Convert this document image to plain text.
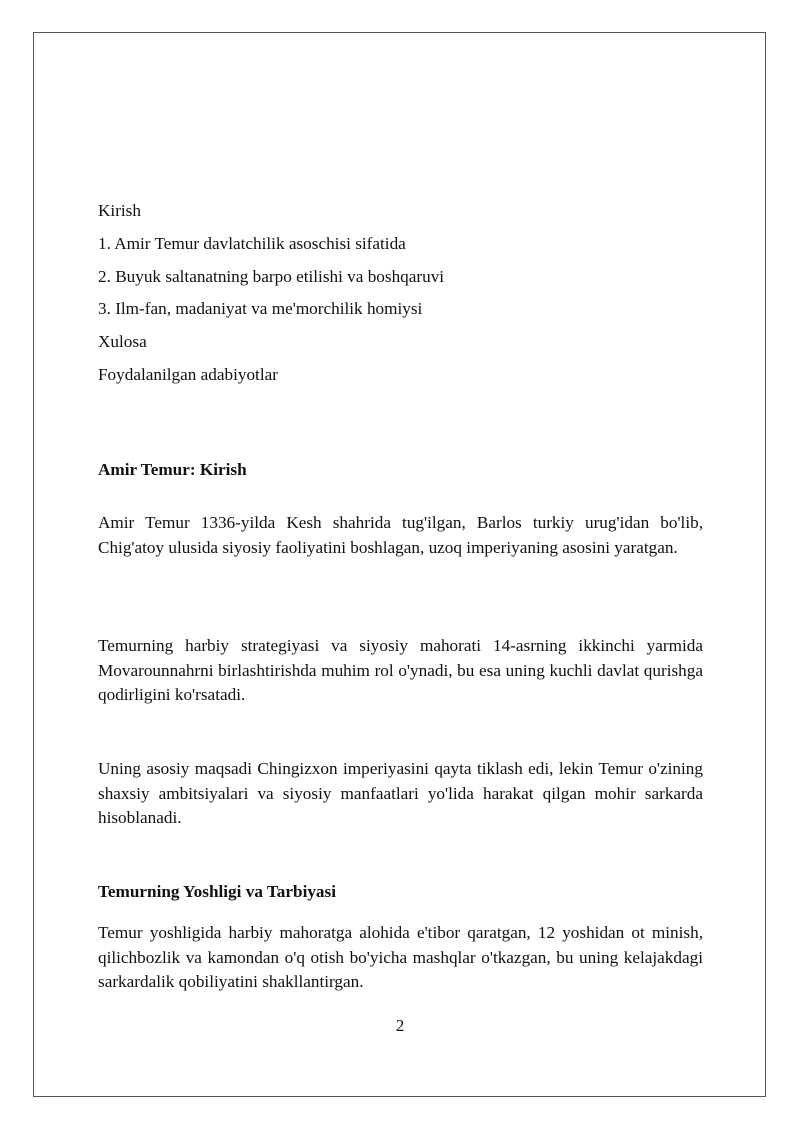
Kirish
1. Amir Temur davlatchilik asoschisi sifatida
2. Buyuk saltanatning barpo etilishi va boshqaruvi
3. Ilm-fan, madaniyat va me'morchilik homiysi
Xulosa
Foydalanilgan adabiyotlar
Amir Temur: Kirish
Amir Temur 1336-yilda Kesh shahrida tug'ilgan, Barlos turkiy urug'idan bo'lib, Chig'atoy ulusida siyosiy faoliyatini boshlagan, uzoq imperiyaning asosini yaratgan.
Temurning harbiy strategiyasi va siyosiy mahorati 14-asrning ikkinchi yarmida Movarounnahrni birlashtirishda muhim rol o'ynadi, bu esa uning kuchli davlat qurishga qodirligini ko'rsatadi.
Uning asosiy maqsadi Chingizxon imperiyasini qayta tiklash edi, lekin Temur o'zining shaxsiy ambitsiyalari va siyosiy manfaatlari yo'lida harakat qilgan mohir sarkarda hisoblanadi.
Temurning Yoshligi va Tarbiyasi
Temur yoshligida harbiy mahoratga alohida e'tibor qaratgan, 12 yoshidan ot minish, qilichbozlik va kamondan o'q otish bo'yicha mashqlar o'tkazgan, bu uning kelajakdagi sarkardalik qobiliyatini shakllantirgan.
2
